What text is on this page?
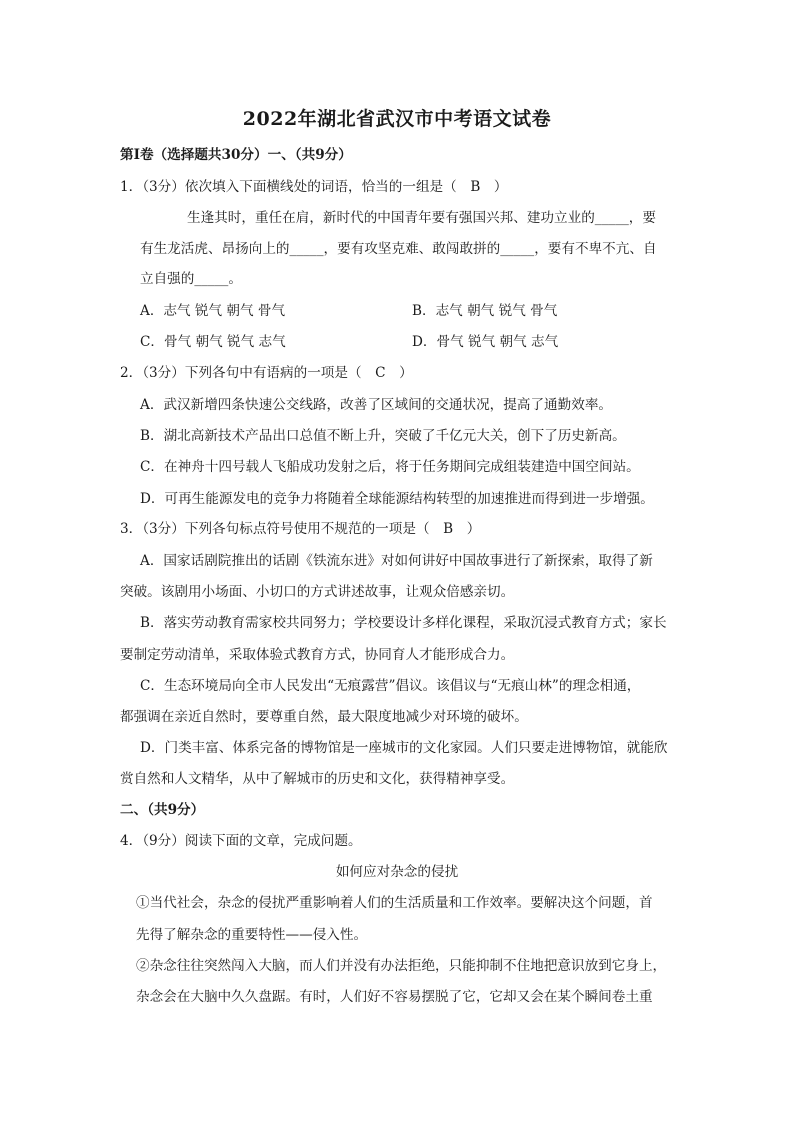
2022年湖北省武汉市中考语文试卷
第Ⅰ卷（选择题共30分）一、（共9分）
1．（3分）依次填入下面横线处的词语，恰当的一组是（　B　）
生逢其时，重任在肩，新时代的中国青年要有强国兴邦、建功立业的_____，要
有生龙活虎、昂扬向上的_____，要有攻坚克难、敢闯敢拼的_____，要有不卑不亢、自
立自强的_____。
A．志气 锐气 朝气 骨气	B．志气 朝气 锐气 骨气
C．骨气 朝气 锐气 志气	D．骨气 锐气 朝气 志气
2．（3分）下列各句中有语病的一项是（　C　）
A．武汉新增四条快速公交线路，改善了区域间的交通状况，提高了通勤效率。
B．湖北高新技术产品出口总值不断上升，突破了千亿元大关，创下了历史新高。
C．在神舟十四号载人飞船成功发射之后，将于任务期间完成组装建造中国空间站。
D．可再生能源发电的竞争力将随着全球能源结构转型的加速推进而得到进一步增强。
3．（3分）下列各句标点符号使用不规范的一项是（　B　）
A．国家话剧院推出的话剧《铁流东进》对如何讲好中国故事进行了新探索，取得了新
突破。该剧用小场面、小切口的方式讲述故事，让观众倍感亲切。
B．落实劳动教育需家校共同努力；学校要设计多样化课程，采取沉浸式教育方式；家长
要制定劳动清单，采取体验式教育方式，协同育人才能形成合力。
C．生态环境局向全市人民发出“无痕露营”倡议。该倡议与“无痕山林”的理念相通，
都强调在亲近自然时，要尊重自然，最大限度地减少对环境的破坏。
D．门类丰富、体系完备的博物馆是一座城市的文化家园。人们只要走进博物馆，就能欣
赏自然和人文精华，从中了解城市的历史和文化，获得精神享受。
二、（共9分）
4．（9分）阅读下面的文章，完成问题。
如何应对杂念的侵扰
①当代社会，杂念的侵扰严重影响着人们的生活质量和工作效率。要解决这个问题，首
先得了解杂念的重要特性——侵入性。
②杂念往往突然闯入大脑，而人们并没有办法拒绝，只能抑制不住地把意识放到它身上，
杂念会在大脑中久久盘踞。有时，人们好不容易摆脱了它，它却又会在某个瞬间卷土重
